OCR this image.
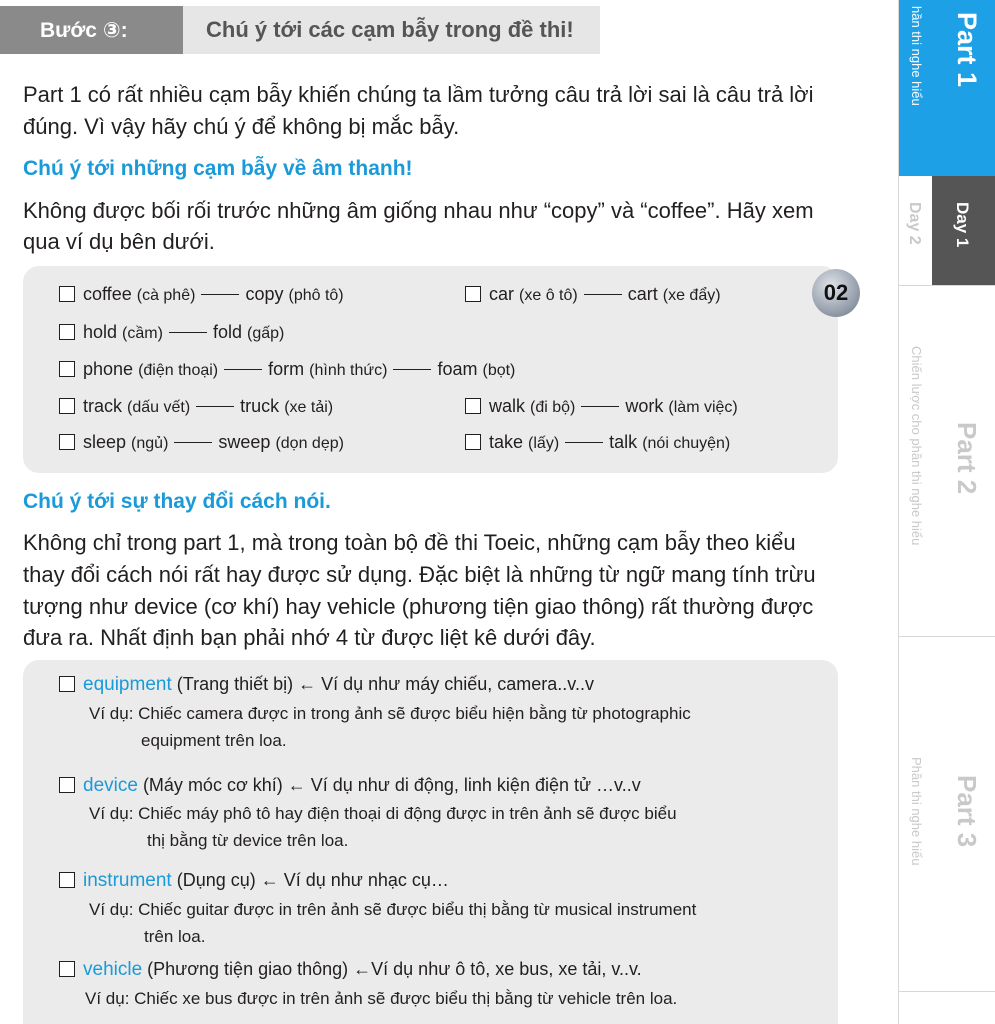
Bước ③:	Chú ý tới các cạm bẫy trong đề thi!
Part 1 có rất nhiều cạm bẫy khiến chúng ta lầm tưởng câu trả lời sai là câu trả lời
đúng. Vì vậy hãy chú ý để không bị mắc bẫy.
Chú ý tới những cạm bẫy về âm thanh!
Không được bối rối trước những âm giống nhau như “copy” và “coffee”. Hãy xem
qua ví dụ bên dưới.
02
coffee (cà phê)	copy (phô tô)	car (xe ô tô)	cart (xe đẩy)
hold (cầm)	fold (gấp)
phone (điện thoại)	form (hình thức)	foam (bọt)
track (dấu vết)	truck (xe tải)	walk (đi bộ)	work (làm việc)
sleep (ngủ)	sweep (dọn dẹp)	take (lấy)	talk (nói chuyện)
Chú ý tới sự thay đổi cách nói.
Không chỉ trong part 1, mà trong toàn bộ đề thi Toeic, những cạm bẫy theo kiểu
thay đổi cách nói rất hay được sử dụng. Đặc biệt là những từ ngữ mang tính trừu
tượng như device (cơ khí) hay vehicle (phương tiện giao thông) rất thường được
đưa ra. Nhất định bạn phải nhớ 4 từ được liệt kê dưới đây.
equipment (Trang thiết bị) ← Ví dụ như máy chiếu, camera..v..v
Ví dụ: Chiếc camera được in trong ảnh sẽ được biểu hiện bằng từ photographic
equipment trên loa.
device (Máy móc cơ khí) ← Ví dụ như di động, linh kiện điện tử …v..v
Ví dụ: Chiếc máy phô tô hay điện thoại di động được in trên ảnh sẽ được biểu
thị bằng từ device trên loa.
instrument (Dụng cụ) ← Ví dụ như nhạc cụ…
Ví dụ: Chiếc guitar được in trên ảnh sẽ được biểu thị bằng từ musical instrument
trên loa.
vehicle (Phương tiện giao thông) ←Ví dụ như ô tô, xe bus, xe tải, v..v.
Ví dụ: Chiếc xe bus được in trên ảnh sẽ được biểu thị bằng từ vehicle trên loa.
Part 1
hần thi nghe hiểu
Day 2 Day 1
Part 2
Chiến lược cho phần thi nghe hiểu
Part 3
Phần thi nghe hiểu
